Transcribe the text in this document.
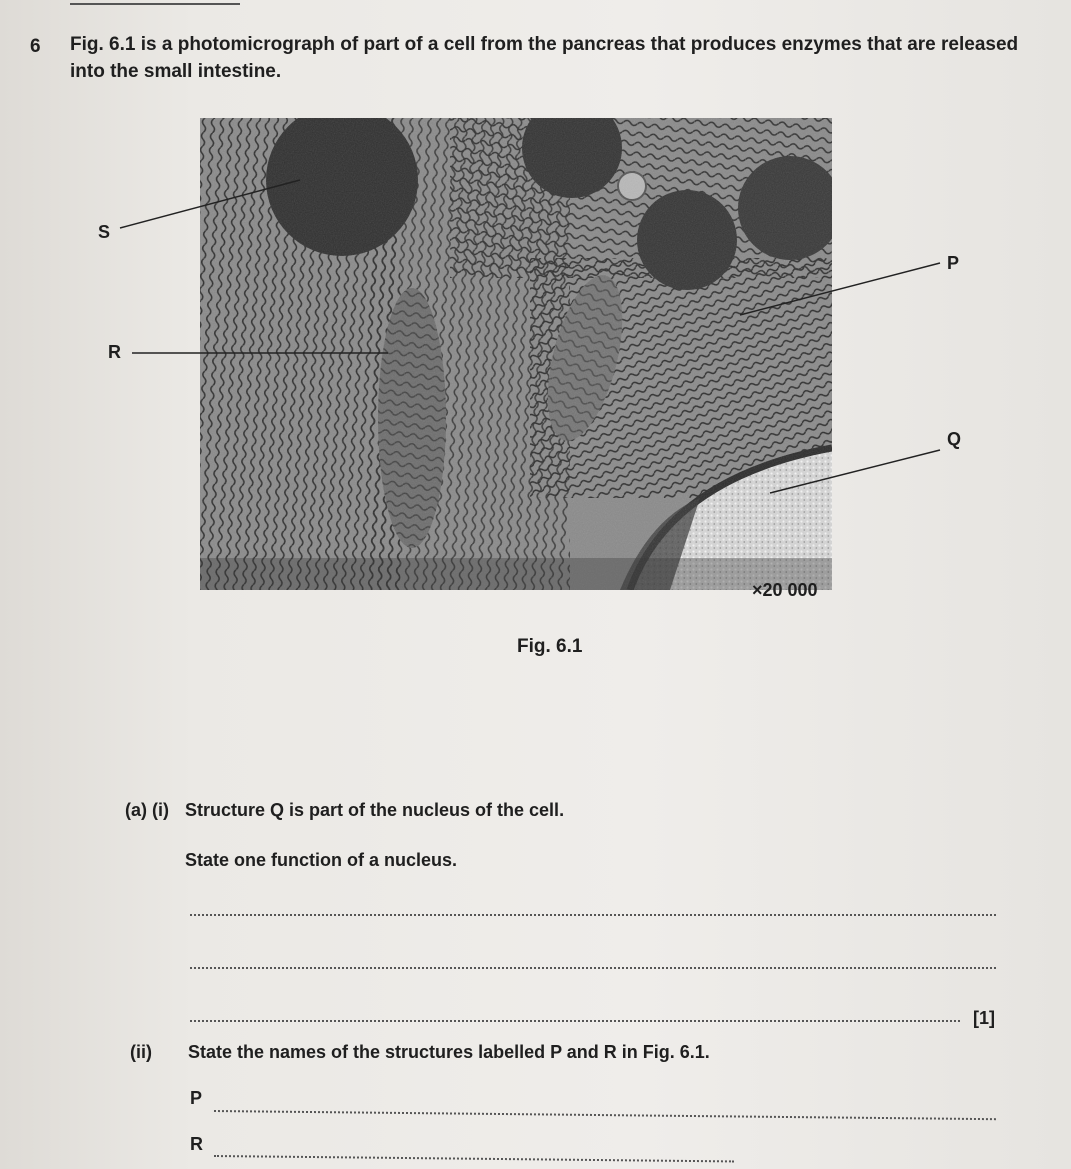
6 Fig. 6.1 is a photomicrograph of part of a cell from the pancreas that produces enzymes that are released into the small intestine.
S
R
P
Q
×20 000
Fig. 6.1
(a) (i) Structure Q is part of the nucleus of the cell.
State one function of a nucleus.
[1]
(ii) State the names of the structures labelled P and R in Fig. 6.1.
P
R
